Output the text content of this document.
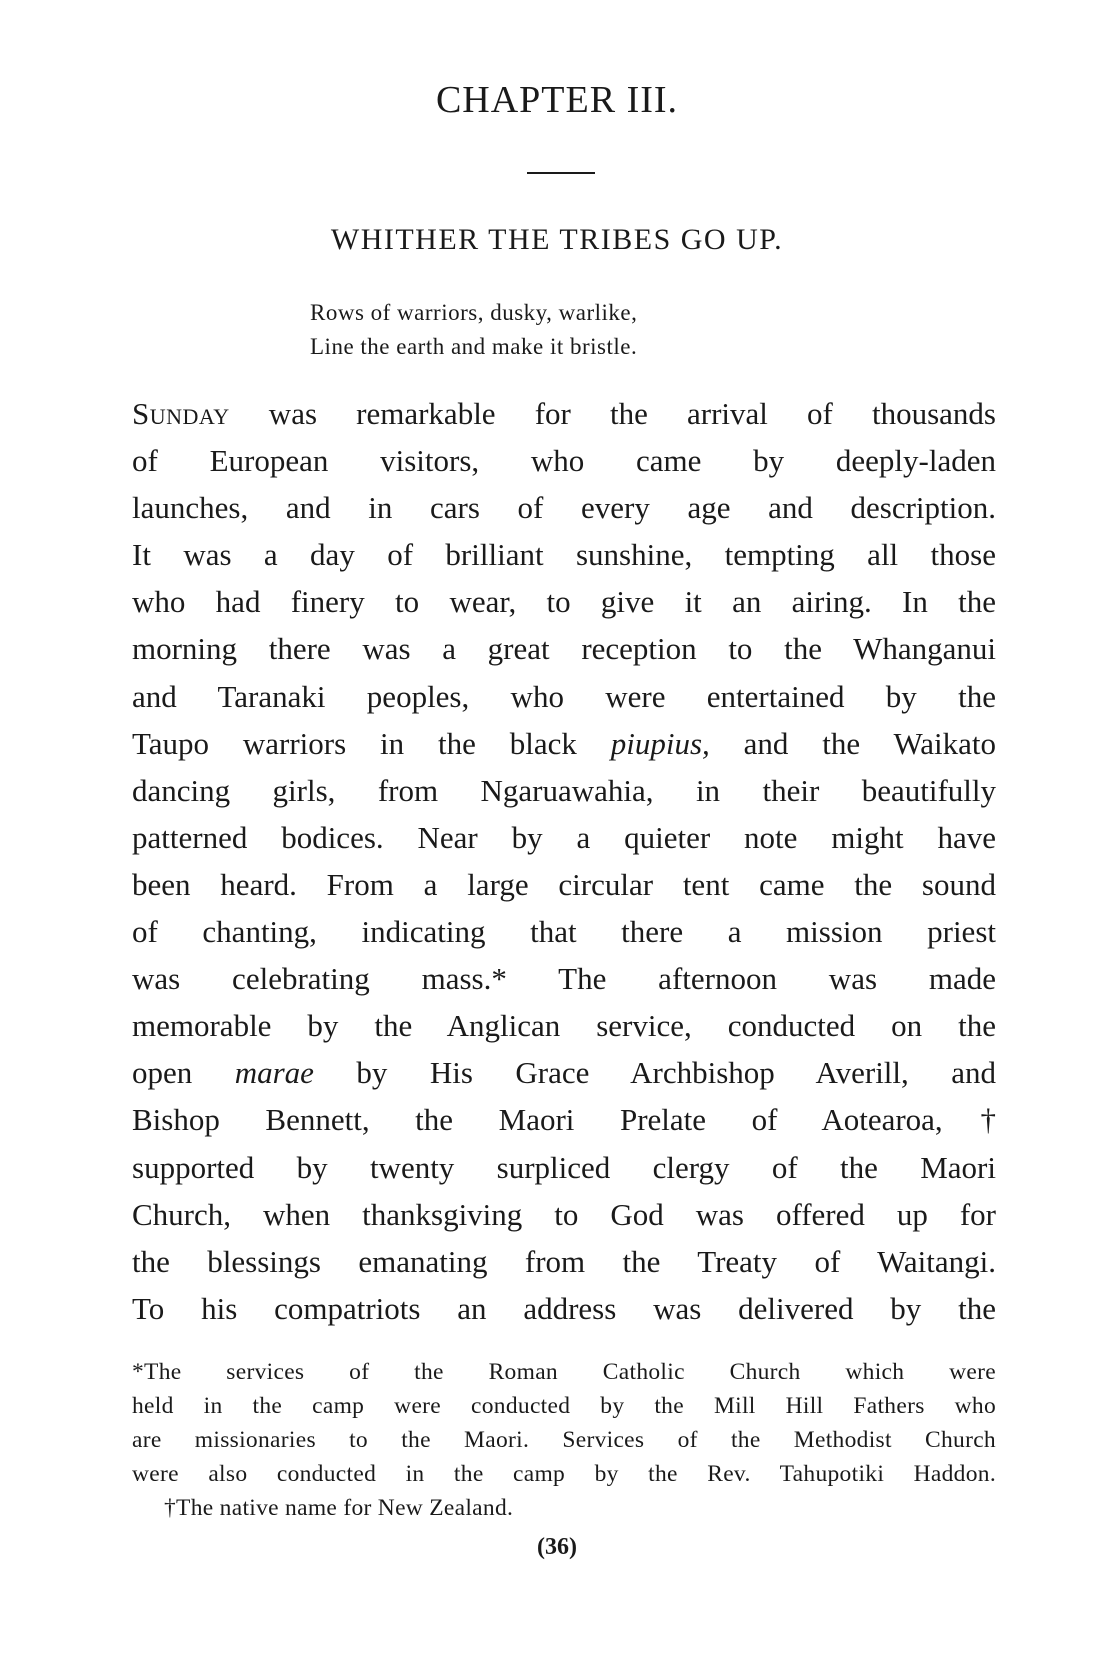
CHAPTER III.
WHITHER THE TRIBES GO UP.
Rows of warriors, dusky, warlike,
Line the earth and make it bristle.
Sunday was remarkable for the arrival of thousands
of European visitors, who came by deeply-laden
launches, and in cars of every age and description.
It was a day of brilliant sunshine, tempting all those
who had finery to wear, to give it an airing. In the
morning there was a great reception to the Whanganui
and Taranaki peoples, who were entertained by the
Taupo warriors in the black piupius, and the Waikato
dancing girls, from Ngaruawahia, in their beautifully
patterned bodices. Near by a quieter note might have
been heard. From a large circular tent came the sound
of chanting, indicating that there a mission priest
was celebrating mass.* The afternoon was made
memorable by the Anglican service, conducted on the
open marae by His Grace Archbishop Averill, and
Bishop Bennett, the Maori Prelate of Aotearoa,†
supported by twenty surpliced clergy of the Maori
Church, when thanksgiving to God was offered up for
the blessings emanating from the Treaty of Waitangi.
To his compatriots an address was delivered by the
*The services of the Roman Catholic Church which were
held in the camp were conducted by the Mill Hill Fathers who
are missionaries to the Maori. Services of the Methodist Church
were also conducted in the camp by the Rev. Tahupotiki Haddon.
†The native name for New Zealand.
(36)
